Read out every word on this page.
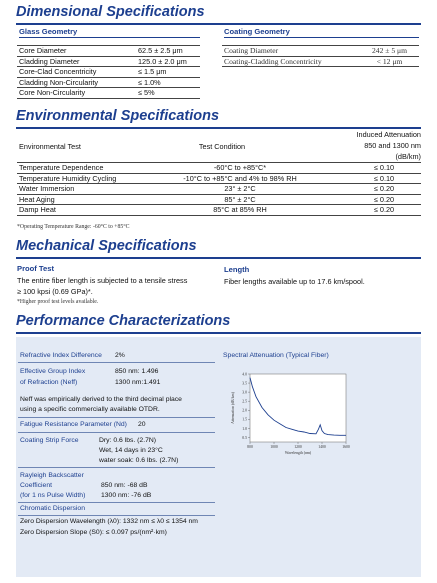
Dimensional Specifications
Glass Geometry	Coating Geometry
Core Diameter	62.5 ± 2.5 μm
Cladding Diameter	125.0 ± 2.0 μm
Core-Clad Concentricity	≤ 1.5 μm
Cladding Non-Circularity	≤ 1.0%
Core Non-Circularity	≤ 5%
Coating Diameter	242 ± 5 μm
Coating-Cladding Concentricity	< 12 μm
Environmental Specifications
Induced Attenuation
850 and 1300 nm
(dB/km)
Environmental Test	Test Condition
Temperature Dependence	-60°C to +85°C*	≤ 0.10
Temperature Humidity Cycling	-10°C to +85°C and 4% to 98% RH	≤ 0.10
Water Immersion	23° ± 2°C	≤ 0.20
Heat Aging	85° ± 2°C	≤ 0.20
Damp Heat	85°C at 85% RH	≤ 0.20
*Operating Temperature Range: -60°C to +85°C
Mechanical Specifications
Proof Test
The entire fiber length is subjected to a tensile stress
≥ 100 kpsi (0.69 GPa)*.
*Higher proof test levels available.
Length
Fiber lengths available up to 17.6 km/spool.
Performance Characterizations
Refractive Index Difference 2%
Effective Group Index
of Refraction (Neff)
850 nm: 1.496
1300 nm:1.491
Neff was empirically derived to the third decimal place
using a specific commercially available OTDR.
Fatigue Resistance Parameter (Nd) 20
Coating Strip Force	Dry: 0.6 lbs. (2.7N)
Wet, 14 days in 23°C
water soak: 0.6 lbs. (2.7N)
Rayleigh Backscatter
Coefficient
(for 1 ns Pulse Width)
850 nm: -68 dB
1300 nm: -76 dB
Chromatic Dispersion
Zero Dispersion Wavelength (λ0): 1332 nm ≤ λ0 ≤ 1354 nm
Zero Dispersion Slope (S0): ≤ 0.097 ps/(nm²·km)
Spectral Attenuation (Typical Fiber)
4.0
3.5
3.0
2.5
2.0
1.5
1.0
0.5
800	1000	1200	1400	1600
Wavelength (nm)
Attenuation (dB/km)
